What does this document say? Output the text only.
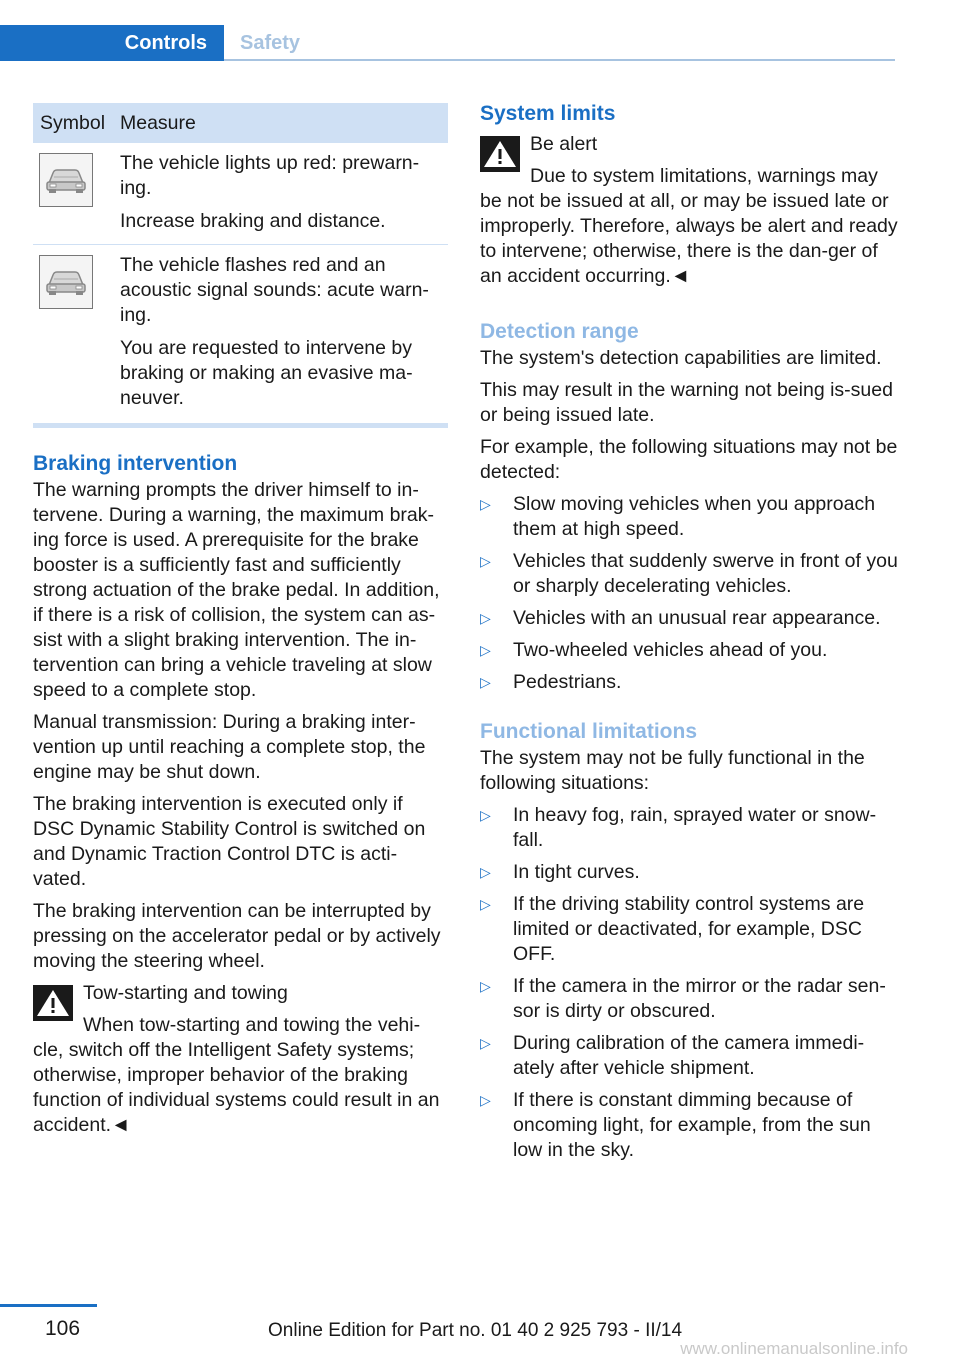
Controls	Safety
Symbol Measure

The vehicle lights up red: prewarn-ing.

Increase braking and distance.

The vehicle flashes red and an acoustic signal sounds: acute warn-ing.

You are requested to intervene by braking or making an evasive ma-neuver.

Braking intervention

The warning prompts the driver himself to in-tervene. During a warning, the maximum brak-ing force is used. A prerequisite for the brake booster is a sufficiently fast and sufficiently strong actuation of the brake pedal. In addition, if there is a risk of collision, the system can as-sist with a slight braking intervention. The in-tervention can bring a vehicle traveling at slow speed to a complete stop.

Manual transmission: During a braking inter-vention up until reaching a complete stop, the engine may be shut down.

The braking intervention is executed only if DSC Dynamic Stability Control is switched on and Dynamic Traction Control DTC is acti-vated.

The braking intervention can be interrupted by pressing on the accelerator pedal or by actively moving the steering wheel.

Tow-starting and towing

When tow-starting and towing the vehi-cle, switch off the Intelligent Safety systems; otherwise, improper behavior of the braking function of individual systems could result in an accident.◄

System limits

Be alert

Due to system limitations, warnings may be not be issued at all, or may be issued late or improperly. Therefore, always be alert and ready to intervene; otherwise, there is the dan-ger of an accident occurring.◄

Detection range

The system's detection capabilities are limited.

This may result in the warning not being is-sued or being issued late.

For example, the following situations may not be detected:

▷ Slow moving vehicles when you approach them at high speed.
▷ Vehicles that suddenly swerve in front of you or sharply decelerating vehicles.
▷ Vehicles with an unusual rear appearance.
▷ Two-wheeled vehicles ahead of you.
▷ Pedestrians.
Functional limitations

The system may not be fully functional in the following situations:

▷ In heavy fog, rain, sprayed water or snow-fall.
▷ In tight curves.
▷ If the driving stability control systems are limited or deactivated, for example, DSC OFF.
▷ If the camera in the mirror or the radar sen-sor is dirty or obscured.
▷ During calibration of the camera immedi-ately after vehicle shipment.
▷ If there is constant dimming because of oncoming light, for example, from the sun low in the sky.
106	Online Edition for Part no. 01 40 2 925 793 - II/14
www.onlinemanualsonline.info
